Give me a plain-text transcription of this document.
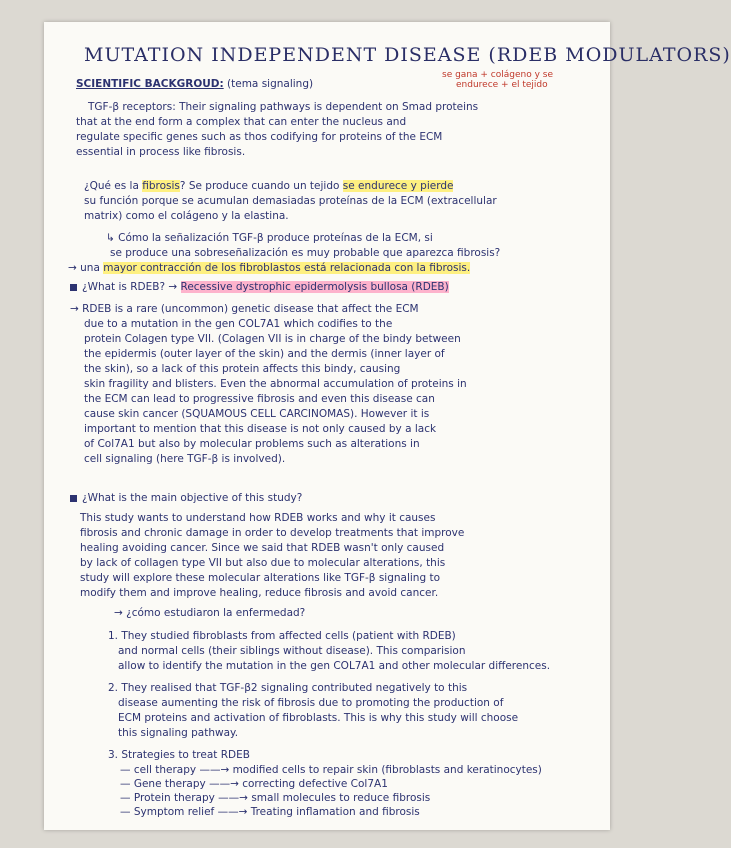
MUTATION INDEPENDENT DISEASE (RDEB MODULATORS)
se gana + colágeno y se
endurece + el tejido
SCIENTIFIC BACKGROUD: (tema signaling)
TGF-β receptors: Their signaling pathways is dependent on Smad proteins
that at the end form a complex that can enter the nucleus and
regulate specific genes such as thos codifying for proteins of the ECM
essential in process like fibrosis.
¿Qué es la fibrosis? Se produce cuando un tejido se endurece y pierde
su función porque se acumulan demasiadas proteínas de la ECM (extracellular
matrix) como el colágeno y la elastina.
↳ Cómo la señalización TGF-β produce proteínas de la ECM, si
se produce una sobreseñalización es muy probable que aparezca fibrosis?
→ una mayor contracción de los fibroblastos está relacionada con la fibrosis.
¿What is RDEB? → Recessive dystrophic epidermolysis bullosa (RDEB)
→ RDEB is a rare (uncommon) genetic disease that affect the ECM
due to a mutation in the gen COL7A1 which codifies to the
protein Colagen type VII. (Colagen VII is in charge of the bindy between
the epidermis (outer layer of the skin) and the dermis (inner layer of
the skin), so a lack of this protein affects this bindy, causing
skin fragility and blisters. Even the abnormal accumulation of proteins in
the ECM can lead to progressive fibrosis and even this disease can
cause skin cancer (SQUAMOUS CELL CARCINOMAS). However it is
important to mention that this disease is not only caused by a lack
of Col7A1 but also by molecular problems such as alterations in
cell signaling (here TGF-β is involved).
¿What is the main objective of this study?
This study wants to understand how RDEB works and why it causes
fibrosis and chronic damage in order to develop treatments that improve
healing avoiding cancer. Since we said that RDEB wasn't only caused
by lack of collagen type VII but also due to molecular alterations, this
study will explore these molecular alterations like TGF-β signaling to
modify them and improve healing, reduce fibrosis and avoid cancer.
→ ¿cómo estudiaron la enfermedad?
1. They studied fibroblasts from affected cells (patient with RDEB)
and normal cells (their siblings without disease). This comparision
allow to identify the mutation in the gen COL7A1 and other molecular differences.
2. They realised that TGF-β2 signaling contributed negatively to this
disease aumenting the risk of fibrosis due to promoting the production of
ECM proteins and activation of fibroblasts. This is why this study will choose
this signaling pathway.
3. Strategies to treat RDEB
— cell therapy ——→ modified cells to repair skin (fibroblasts and keratinocytes)
— Gene therapy ——→ correcting defective Col7A1
— Protein therapy ——→ small molecules to reduce fibrosis
— Symptom relief ——→ Treating inflamation and fibrosis
